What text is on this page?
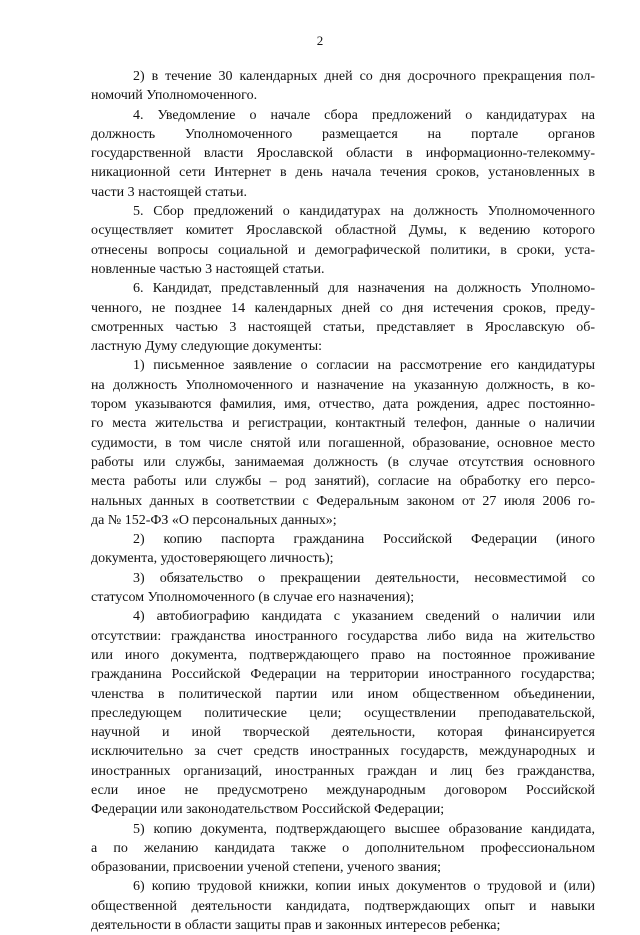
2
2) в течение 30 календарных дней со дня досрочного прекращения пол-
номочий Уполномоченного.
4. Уведомление о начале сбора предложений о кандидатурах на
должность Уполномоченного размещается на портале органов
государственной власти Ярославской области в информационно-телекомму-
никационной сети Интернет в день начала течения сроков, установленных в
части 3 настоящей статьи.
5. Сбор предложений о кандидатурах на должность Уполномоченного
осуществляет комитет Ярославской областной Думы, к ведению которого
отнесены вопросы социальной и демографической политики, в сроки, уста-
новленные частью 3 настоящей статьи.
6. Кандидат, представленный для назначения на должность Уполномо-
ченного, не позднее 14 календарных дней со дня истечения сроков, преду-
смотренных частью 3 настоящей статьи, представляет в Ярославскую об-
ластную Думу следующие документы:
1) письменное заявление о согласии на рассмотрение его кандидатуры
на должность Уполномоченного и назначение на указанную должность, в ко-
тором указываются фамилия, имя, отчество, дата рождения, адрес постоянно-
го места жительства и регистрации, контактный телефон, данные о наличии
судимости, в том числе снятой или погашенной, образование, основное место
работы или службы, занимаемая должность (в случае отсутствия основного
места работы или службы – род занятий), согласие на обработку его персо-
нальных данных в соответствии с Федеральным законом от 27 июля 2006 го-
да № 152-ФЗ «О персональных данных»;
2) копию паспорта гражданина Российской Федерации (иного
документа, удостоверяющего личность);
3) обязательство о прекращении деятельности, несовместимой со
статусом Уполномоченного (в случае его назначения);
4) автобиографию кандидата с указанием сведений о наличии или
отсутствии: гражданства иностранного государства либо вида на жительство
или иного документа, подтверждающего право на постоянное проживание
гражданина Российской Федерации на территории иностранного государства;
членства в политической партии или ином общественном объединении,
преследующем политические цели; осуществлении преподавательской,
научной и иной творческой деятельности, которая финансируется
исключительно за счет средств иностранных государств, международных и
иностранных организаций, иностранных граждан и лиц без гражданства,
если иное не предусмотрено международным договором Российской
Федерации или законодательством Российской Федерации;
5) копию документа, подтверждающего высшее образование кандидата,
а по желанию кандидата также о дополнительном профессиональном
образовании, присвоении ученой степени, ученого звания;
6) копию трудовой книжки, копии иных документов о трудовой и (или)
общественной деятельности кандидата, подтверждающих опыт и навыки
деятельности в области защиты прав и законных интересов ребенка;
